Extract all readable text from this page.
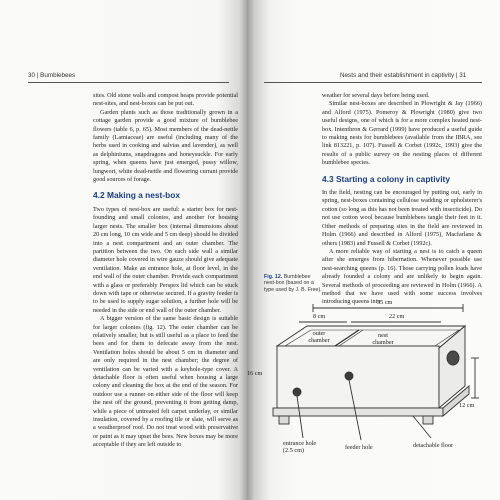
30 | Bumblebees

sites. Old stone walls and compost heaps provide potential nest-sites, and nest-boxes can be put out.

Garden plants such as those traditionally grown in a cottage garden provide a good mixture of bumblebee flowers (table 6, p. 65). Most members of the dead-nettle family (Lamiaceae) are useful (including many of the herbs used in cooking and salvias and lavender), as well as delphiniums, snapdragons and honeysuckle. For early spring, when queens have just emerged, pussy willow, lungwort, white dead-nettle and flowering currant provide good sources of forage.

4.2 Making a nest-box

Two types of nest-box are useful: a starter box for nest-founding and small colonies, and another for housing larger nests. The smaller box (internal dimensions about 20 cm long, 10 cm wide and 5 cm deep) should be divided into a nest compartment and an outer chamber. The partition between the two. On each side wall a similar diameter hole covered in wire gauze should give adequate ventilation. Make an entrance hole, at floor level, in the end wall of the outer chamber. Provide each compartment with a glass or preferably Perspex lid which can be stuck down with tape or otherwise secured. If a gravity feeder is to be used to supply sugar solution, a further hole will be needed in the side or end wall of the outer chamber.

A bigger version of the same basic design is suitable for larger colonies (fig. 12). The outer chamber can be relatively smaller, but is still useful as a place to feed the bees and for them to defecate away from the nest. Ventilation holes should be about 5 cm in diameter and are only required in the nest chamber; the degree of ventilation can be varied with a keyhole-type cover. A detachable floor is often useful when housing a large colony and cleaning the box at the end of the season. For outdoor use a runner on either side of the floor will keep the nest off the ground, preventing it from getting damp, while a piece of untreated felt carpet underlay, or similar insulation, covered by a roofing tile or slate, will serve as a weatherproof roof. Do not treat wood with preservative or paint as it may upset the bees. New boxes may be more acceptable if they are left outside to

Nests and their establishment in captivity | 31

weather for several days before being used.

Similar nest-boxes are described in Plowright & Jay (1966) and Alford (1975). Pomeroy & Plowright (1980) give two useful designs, one of which is for a more complex heated nest-box. Intenthron & Gerrard (1999) have produced a useful guide to making nests for bumblebees (available from the IBRA, see link 813221, p. 107). Fussell & Corbet (1992c, 1993) give the results of a public survey on the nesting places of different bumblebee species.

4.3 Starting a colony in captivity

In the field, nesting can be encouraged by putting out, early in spring, nest-boxes containing cellulose wadding or upholsterer's cotton (so long as this has not been treated with insecticide). Do not use cotton wool because bumblebees tangle their feet in it. Other methods of preparing sites in the field are reviewed in Holm (1966) and described in Alford (1975), Macfarlane & others (1983) and Fussell & Corbet (1992c).

A more reliable way of starting a nest is to catch a queen after she emerges from hibernation. Whenever possible use nest-searching queens (p. 16). Those carrying pollen loads have already founded a colony and are unlikely to begin again. Several methods of proceeding are reviewed in Holm (1966). A method that we have used with some success involves introducing queens into

Fig. 12. Bumblebee nest-box (based on a type used by J. B. Free).
35 cm
8 cm	22 cm
outer chamber
nest chamber
16 cm
12 cm
entrance hole (2.5 cm)	feeder hole	detachable floor
